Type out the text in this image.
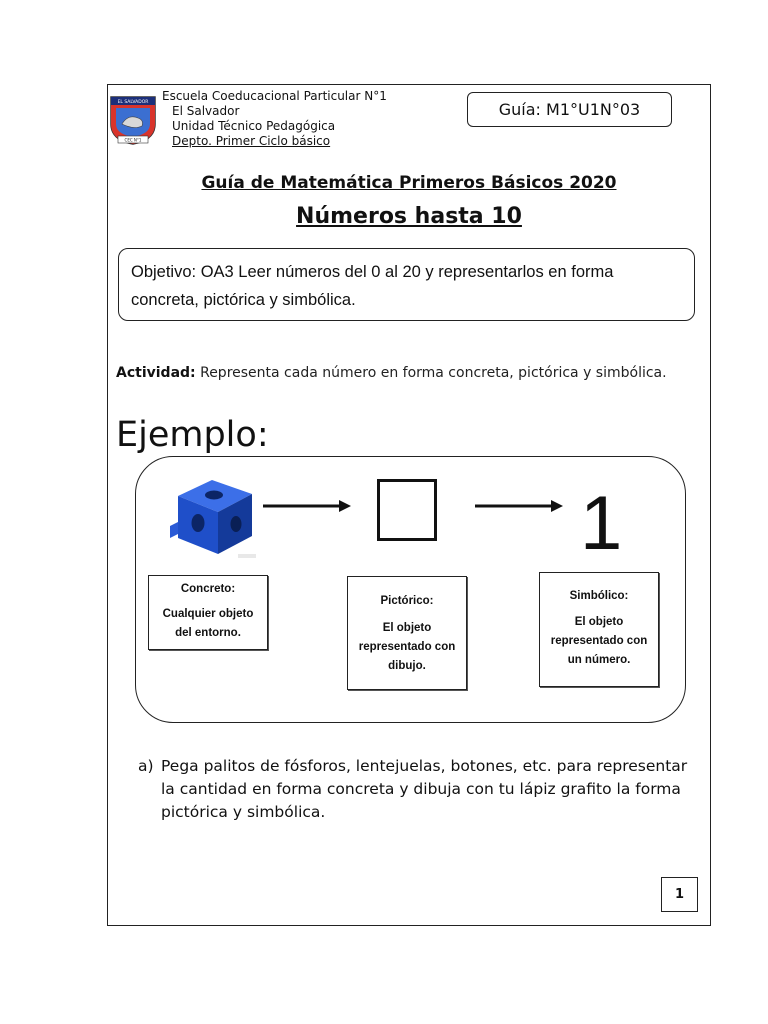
EL SALVADOR
CEC N°1
Escuela Coeducacional Particular N°1
El Salvador
Unidad Técnico Pedagógica
Depto. Primer Ciclo básico
Guía: M1°U1N°03
Guía de Matemática Primeros Básicos 2020
Números hasta 10
Objetivo: OA3 Leer números del 0 al 20 y representarlos en forma
concreta, pictórica y simbólica.
Actividad: Representa cada número en forma concreta, pictórica y simbólica.
Ejemplo:
1
Concreto:
Cualquier objeto
del entorno.
Pictórico:
El objeto
representado con
dibujo.
Simbólico:
El objeto
representado con
un número.
a) Pega palitos de fósforos, lentejuelas, botones, etc. para representar la cantidad en forma concreta y dibuja con tu lápiz grafito la forma pictórica y simbólica.
1
